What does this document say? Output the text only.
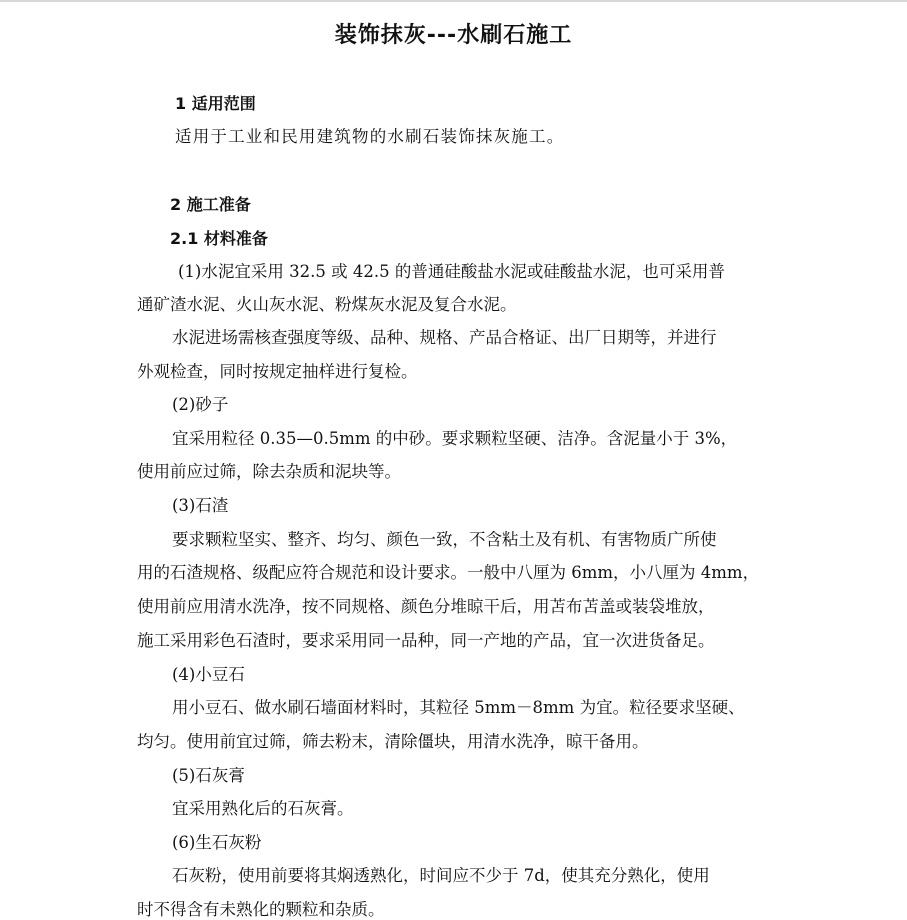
装饰抹灰---水刷石施工
1 适用范围
适用于工业和民用建筑物的水刷石装饰抹灰施工。
2 施工准备
2.1 材料准备
(1)水泥宜采用 32.5 或 42.5 的普通硅酸盐水泥或硅酸盐水泥，也可采用普
通矿渣水泥、火山灰水泥、粉煤灰水泥及复合水泥。
水泥进场需核查强度等级、品种、规格、产品合格证、出厂日期等，并进行
外观检查，同时按规定抽样进行复检。
(2)砂子
宜采用粒径 0.35—0.5mm 的中砂。要求颗粒坚硬、洁净。含泥量小于 3%，
使用前应过筛，除去杂质和泥块等。
(3)石渣
要求颗粒坚实、整齐、均匀、颜色一致，不含粘土及有机、有害物质广所使
用的石渣规格、级配应符合规范和设计要求。一般中八厘为 6mm，小八厘为 4mm，
使用前应用清水洗净，按不同规格、颜色分堆晾干后，用苫布苫盖或装袋堆放，
施工采用彩色石渣时，要求采用同一品种，同一产地的产品，宜一次进货备足。
(4)小豆石
用小豆石、做水刷石墙面材料时，其粒径 5mm－8mm 为宜。粒径要求坚硬、
均匀。使用前宜过筛，筛去粉末，清除僵块，用清水洗净，晾干备用。
(5)石灰膏
宜采用熟化后的石灰膏。
(6)生石灰粉
石灰粉，使用前要将其焖透熟化，时间应不少于 7d，使其充分熟化，使用
时不得含有未熟化的颗粒和杂质。
